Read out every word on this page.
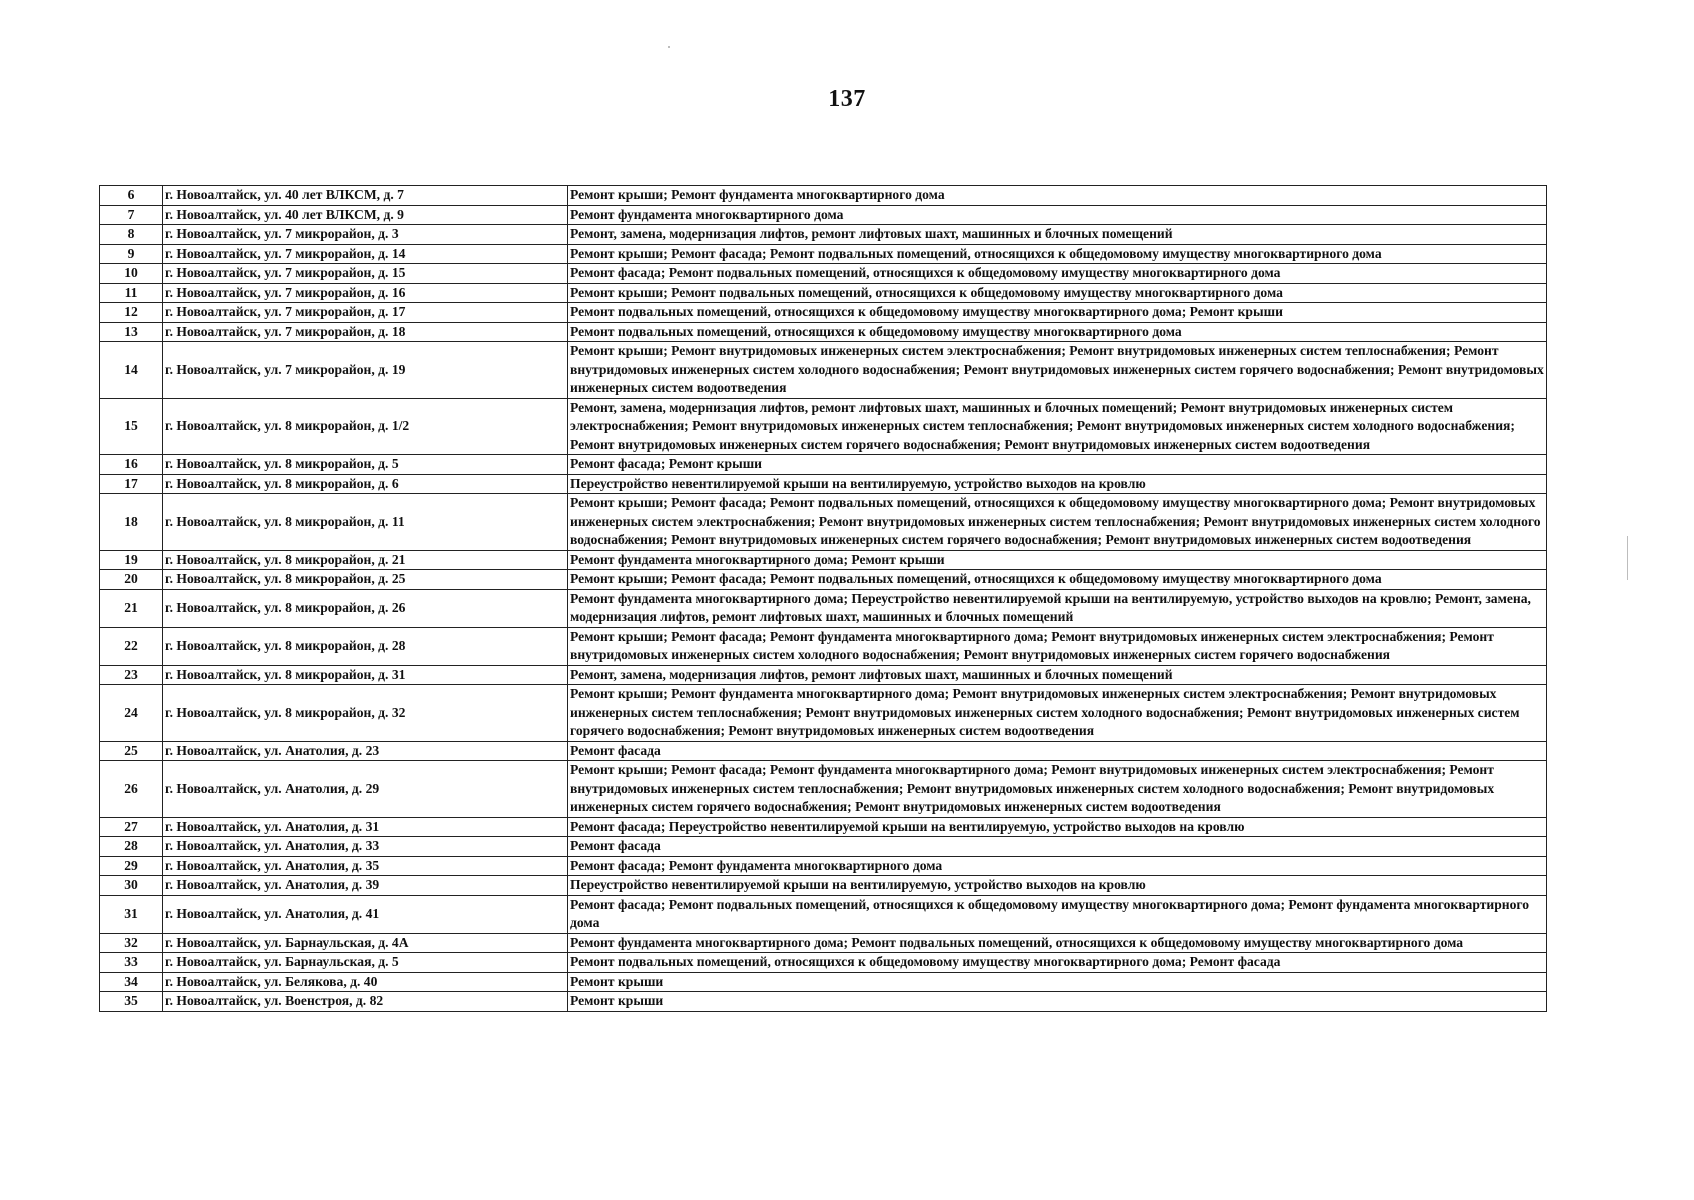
137
6	г. Новоалтайск, ул. 40 лет ВЛКСМ, д. 7	Ремонт крыши; Ремонт фундамента многоквартирного дома
7	г. Новоалтайск, ул. 40 лет ВЛКСМ, д. 9	Ремонт фундамента многоквартирного дома
8	г. Новоалтайск, ул. 7 микрорайон, д. 3	Ремонт, замена, модернизация лифтов, ремонт лифтовых шахт, машинных и блочных помещений
9	г. Новоалтайск, ул. 7 микрорайон, д. 14	Ремонт крыши; Ремонт фасада; Ремонт подвальных помещений, относящихся к общедомовому имуществу многоквартирного дома
10	г. Новоалтайск, ул. 7 микрорайон, д. 15	Ремонт фасада; Ремонт подвальных помещений, относящихся к общедомовому имуществу многоквартирного дома
11	г. Новоалтайск, ул. 7 микрорайон, д. 16	Ремонт крыши; Ремонт подвальных помещений, относящихся к общедомовому имуществу многоквартирного дома
12	г. Новоалтайск, ул. 7 микрорайон, д. 17	Ремонт подвальных помещений, относящихся к общедомовому имуществу многоквартирного дома; Ремонт крыши
13	г. Новоалтайск, ул. 7 микрорайон, д. 18	Ремонт подвальных помещений, относящихся к общедомовому имуществу многоквартирного дома
14	г. Новоалтайск, ул. 7 микрорайон, д. 19	Ремонт крыши; Ремонт внутридомовых инженерных систем электроснабжения; Ремонт внутридомовых инженерных систем теплоснабжения; Ремонт внутридомовых инженерных систем холодного водоснабжения; Ремонт внутридомовых инженерных систем горячего водоснабжения; Ремонт внутридомовых инженерных систем водоотведения
15	г. Новоалтайск, ул. 8 микрорайон, д. 1/2	Ремонт, замена, модернизация лифтов, ремонт лифтовых шахт, машинных и блочных помещений; Ремонт внутридомовых инженерных систем электроснабжения; Ремонт внутридомовых инженерных систем теплоснабжения; Ремонт внутридомовых инженерных систем холодного водоснабжения; Ремонт внутридомовых инженерных систем горячего водоснабжения; Ремонт внутридомовых инженерных систем водоотведения
16	г. Новоалтайск, ул. 8 микрорайон, д. 5	Ремонт фасада; Ремонт крыши
17	г. Новоалтайск, ул. 8 микрорайон, д. 6	Переустройство невентилируемой крыши на вентилируемую, устройство выходов на кровлю
18	г. Новоалтайск, ул. 8 микрорайон, д. 11	Ремонт крыши; Ремонт фасада; Ремонт подвальных помещений, относящихся к общедомовому имуществу многоквартирного дома; Ремонт внутридомовых инженерных систем электроснабжения; Ремонт внутридомовых инженерных систем теплоснабжения; Ремонт внутридомовых инженерных систем холодного водоснабжения; Ремонт внутридомовых инженерных систем горячего водоснабжения; Ремонт внутридомовых инженерных систем водоотведения
19	г. Новоалтайск, ул. 8 микрорайон, д. 21	Ремонт фундамента многоквартирного дома; Ремонт крыши
20	г. Новоалтайск, ул. 8 микрорайон, д. 25	Ремонт крыши; Ремонт фасада; Ремонт подвальных помещений, относящихся к общедомовому имуществу многоквартирного дома
21	г. Новоалтайск, ул. 8 микрорайон, д. 26	Ремонт фундамента многоквартирного дома; Переустройство невентилируемой крыши на вентилируемую, устройство выходов на кровлю; Ремонт, замена, модернизация лифтов, ремонт лифтовых шахт, машинных и блочных помещений
22	г. Новоалтайск, ул. 8 микрорайон, д. 28	Ремонт крыши; Ремонт фасада; Ремонт фундамента многоквартирного дома; Ремонт внутридомовых инженерных систем электроснабжения; Ремонт внутридомовых инженерных систем холодного водоснабжения; Ремонт внутридомовых инженерных систем горячего водоснабжения
23	г. Новоалтайск, ул. 8 микрорайон, д. 31	Ремонт, замена, модернизация лифтов, ремонт лифтовых шахт, машинных и блочных помещений
24	г. Новоалтайск, ул. 8 микрорайон, д. 32	Ремонт крыши; Ремонт фундамента многоквартирного дома; Ремонт внутридомовых инженерных систем электроснабжения; Ремонт внутридомовых инженерных систем теплоснабжения; Ремонт внутридомовых инженерных систем холодного водоснабжения; Ремонт внутридомовых инженерных систем горячего водоснабжения; Ремонт внутридомовых инженерных систем водоотведения
25	г. Новоалтайск, ул. Анатолия, д. 23	Ремонт фасада
26	г. Новоалтайск, ул. Анатолия, д. 29	Ремонт крыши; Ремонт фасада; Ремонт фундамента многоквартирного дома; Ремонт внутридомовых инженерных систем электроснабжения; Ремонт внутридомовых инженерных систем теплоснабжения; Ремонт внутридомовых инженерных систем холодного водоснабжения; Ремонт внутридомовых инженерных систем горячего водоснабжения; Ремонт внутридомовых инженерных систем водоотведения
27	г. Новоалтайск, ул. Анатолия, д. 31	Ремонт фасада; Переустройство невентилируемой крыши на вентилируемую, устройство выходов на кровлю
28	г. Новоалтайск, ул. Анатолия, д. 33	Ремонт фасада
29	г. Новоалтайск, ул. Анатолия, д. 35	Ремонт фасада; Ремонт фундамента многоквартирного дома
30	г. Новоалтайск, ул. Анатолия, д. 39	Переустройство невентилируемой крыши на вентилируемую, устройство выходов на кровлю
31	г. Новоалтайск, ул. Анатолия, д. 41	Ремонт фасада; Ремонт подвальных помещений, относящихся к общедомовому имуществу многоквартирного дома; Ремонт фундамента многоквартирного дома
32	г. Новоалтайск, ул. Барнаульская, д. 4А	Ремонт фундамента многоквартирного дома; Ремонт подвальных помещений, относящихся к общедомовому имуществу многоквартирного дома
33	г. Новоалтайск, ул. Барнаульская, д. 5	Ремонт подвальных помещений, относящихся к общедомовому имуществу многоквартирного дома; Ремонт фасада
34	г. Новоалтайск, ул. Белякова, д. 40	Ремонт крыши
35	г. Новоалтайск, ул. Военстроя, д. 82	Ремонт крыши
